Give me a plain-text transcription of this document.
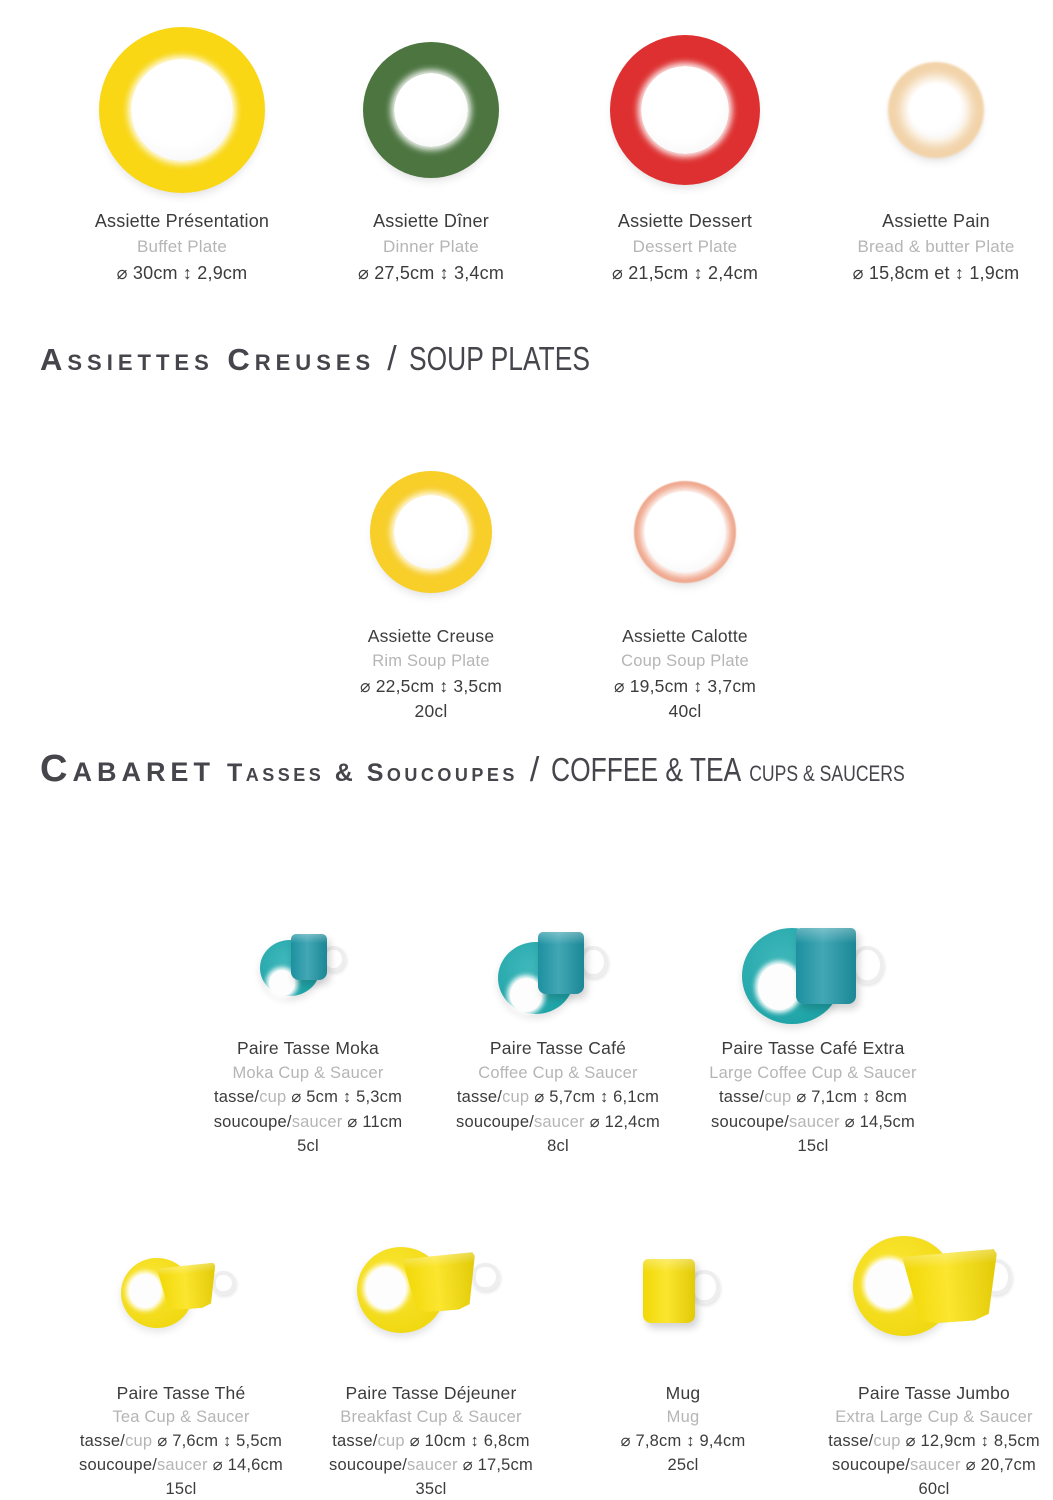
Assiette Présentation
Buffet Plate
⌀ 30cm ↕ 2,9cm
Assiette Dîner
Dinner Plate
⌀ 27,5cm ↕ 3,4cm
Assiette Dessert
Dessert Plate
⌀ 21,5cm ↕ 2,4cm
Assiette Pain
Bread & butter Plate
⌀ 15,8cm et ↕ 1,9cm
Assiettes Creuses / SOUP PLATES
Assiette Creuse
Rim Soup Plate
⌀ 22,5cm ↕ 3,5cm
20cl
Assiette Calotte
Coup Soup Plate
⌀ 19,5cm ↕ 3,7cm
40cl
Cabaret Tasses & Soucoupes / COFFEE & TEA CUPS & SAUCERS
Paire Tasse Moka
Moka Cup & Saucer
tasse/cup ⌀ 5cm ↕ 5,3cm
soucoupe/saucer ⌀ 11cm
5cl
Paire Tasse Café
Coffee Cup & Saucer
tasse/cup ⌀ 5,7cm ↕ 6,1cm
soucoupe/saucer ⌀ 12,4cm
8cl
Paire Tasse Café Extra
Large Coffee Cup & Saucer
tasse/cup ⌀ 7,1cm ↕ 8cm
soucoupe/saucer ⌀ 14,5cm
15cl
Paire Tasse Thé
Tea Cup & Saucer
tasse/cup ⌀ 7,6cm ↕ 5,5cm
soucoupe/saucer ⌀ 14,6cm
15cl
Paire Tasse Déjeuner
Breakfast Cup & Saucer
tasse/cup ⌀ 10cm ↕ 6,8cm
soucoupe/saucer ⌀ 17,5cm
35cl
Mug
Mug
⌀ 7,8cm ↕ 9,4cm
25cl
Paire Tasse Jumbo
Extra Large Cup & Saucer
tasse/cup ⌀ 12,9cm ↕ 8,5cm
soucoupe/saucer ⌀ 20,7cm
60cl
